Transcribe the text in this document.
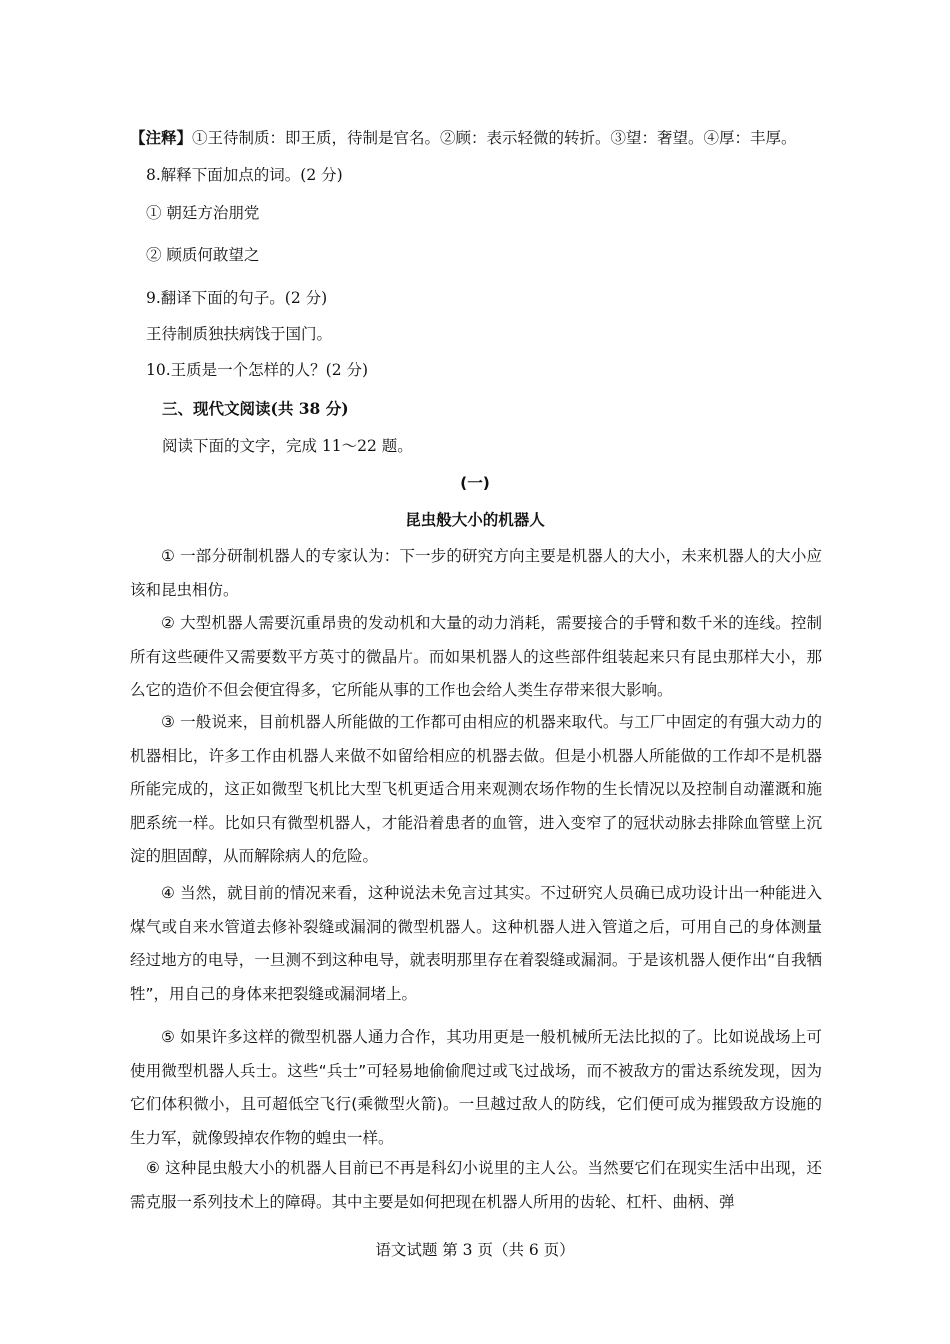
【注释】①王待制质：即王质，待制是官名。②顾：表示轻微的转折。③望：奢望。④厚：丰厚。
8.解释下面加点的词。(2 分)
① 朝廷方治朋党
② 顾质何敢望之
9.翻译下面的句子。(2 分)
王待制质独扶病饯于国门。
10.王质是一个怎样的人？(2 分)
三、现代文阅读(共 38 分)
阅读下面的文字，完成 11～22 题。
(一)
昆虫般大小的机器人
① 一部分研制机器人的专家认为：下一步的研究方向主要是机器人的大小，未来机器人的大小应该和昆虫相仿。
② 大型机器人需要沉重昂贵的发动机和大量的动力消耗，需要接合的手臂和数千米的连线。控制所有这些硬件又需要数平方英寸的微晶片。而如果机器人的这些部件组装起来只有昆虫那样大小，那么它的造价不但会便宜得多，它所能从事的工作也会给人类生存带来很大影响。
③ 一般说来，目前机器人所能做的工作都可由相应的机器来取代。与工厂中固定的有强大动力的机器相比，许多工作由机器人来做不如留给相应的机器去做。但是小机器人所能做的工作却不是机器所能完成的，这正如微型飞机比大型飞机更适合用来观测农场作物的生长情况以及控制自动灌溉和施肥系统一样。比如只有微型机器人，才能沿着患者的血管，进入变窄了的冠状动脉去排除血管壁上沉淀的胆固醇，从而解除病人的危险。
④ 当然，就目前的情况来看，这种说法未免言过其实。不过研究人员确已成功设计出一种能进入煤气或自来水管道去修补裂缝或漏洞的微型机器人。这种机器人进入管道之后，可用自己的身体测量经过地方的电导，一旦测不到这种电导，就表明那里存在着裂缝或漏洞。于是该机器人便作出“自我牺牲”，用自己的身体来把裂缝或漏洞堵上。
⑤ 如果许多这样的微型机器人通力合作，其功用更是一般机械所无法比拟的了。比如说战场上可使用微型机器人兵士。这些“兵士”可轻易地偷偷爬过或飞过战场，而不被敌方的雷达系统发现，因为它们体积微小，且可超低空飞行(乘微型火箭)。一旦越过敌人的防线，它们便可成为摧毁敌方设施的生力军，就像毁掉农作物的蝗虫一样。
⑥ 这种昆虫般大小的机器人目前已不再是科幻小说里的主人公。当然要它们在现实生活中出现，还需克服一系列技术上的障碍。其中主要是如何把现在机器人所用的齿轮、杠杆、曲柄、弹
语文试题 第 3 页（共 6 页）
